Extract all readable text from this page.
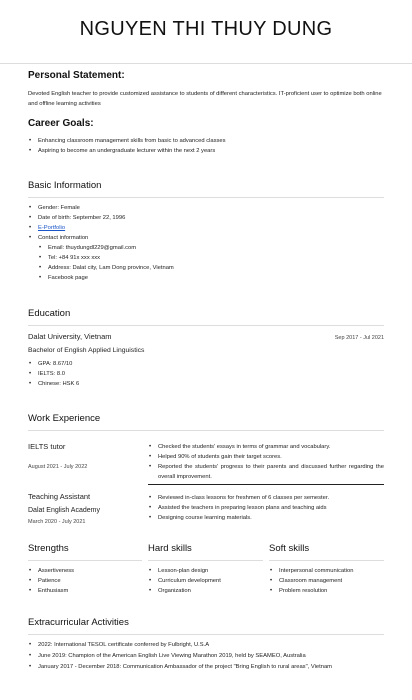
NGUYEN THI THUY DUNG
Personal Statement:

Devoted English teacher to provide customized assistance to students of different characteristics. IT-proficient user to optimize both online and offline learning activities

Career Goals:
• Enhancing classroom management skills from basic to advanced classes
• Aspiring to become an undergraduate lecturer within the next 2 years
Basic Information
• Gender: Female
• Date of birth: September 22, 1996
• E-Portfolio
• Contact information
• Email: thuydungdl229@gmail.com
• Tel: +84 91x xxx xxx
• Address: Dalat city, Lam Dong province, Vietnam
• Facebook page
Education
Dalat University, Vietnam	Sep 2017 - Jul 2021
Bachelor of English Applied Linguistics
• GPA: 8.67/10
• IELTS: 8.0
• Chinese: HSK 6
Work Experience
IELTS tutor
August 2021 - July 2022
• Checked the students' essays in terms of grammar and vocabulary.
• Helped 90% of students gain their target scores.
• Reported the students' progress to their parents and discussed further regarding the overall improvement.
Teaching Assistant
Dalat English Academy
March 2020 - July 2021
• Reviewed in-class lessons for freshmen of 6 classes per semester.
• Assisted the teachers in preparing lesson plans and teaching aids
• Designing course learning materials.
Strengths
• Assertiveness
• Patience
• Enthusiasm
Hard skills
• Lesson-plan design
• Curriculum development
• Organization
Soft skills
• Interpersonal communication
• Classroom management
• Problem resolution
Extracurricular Activities
• 2022: International TESOL certificate conferred by Fulbright, U.S.A
• June 2019: Champion of the American English Live Viewing Marathon 2019, held by SEAMEO, Australia
• January 2017 - December 2018: Communication Ambassador of the project "Bring English to rural areas", Vietnam
